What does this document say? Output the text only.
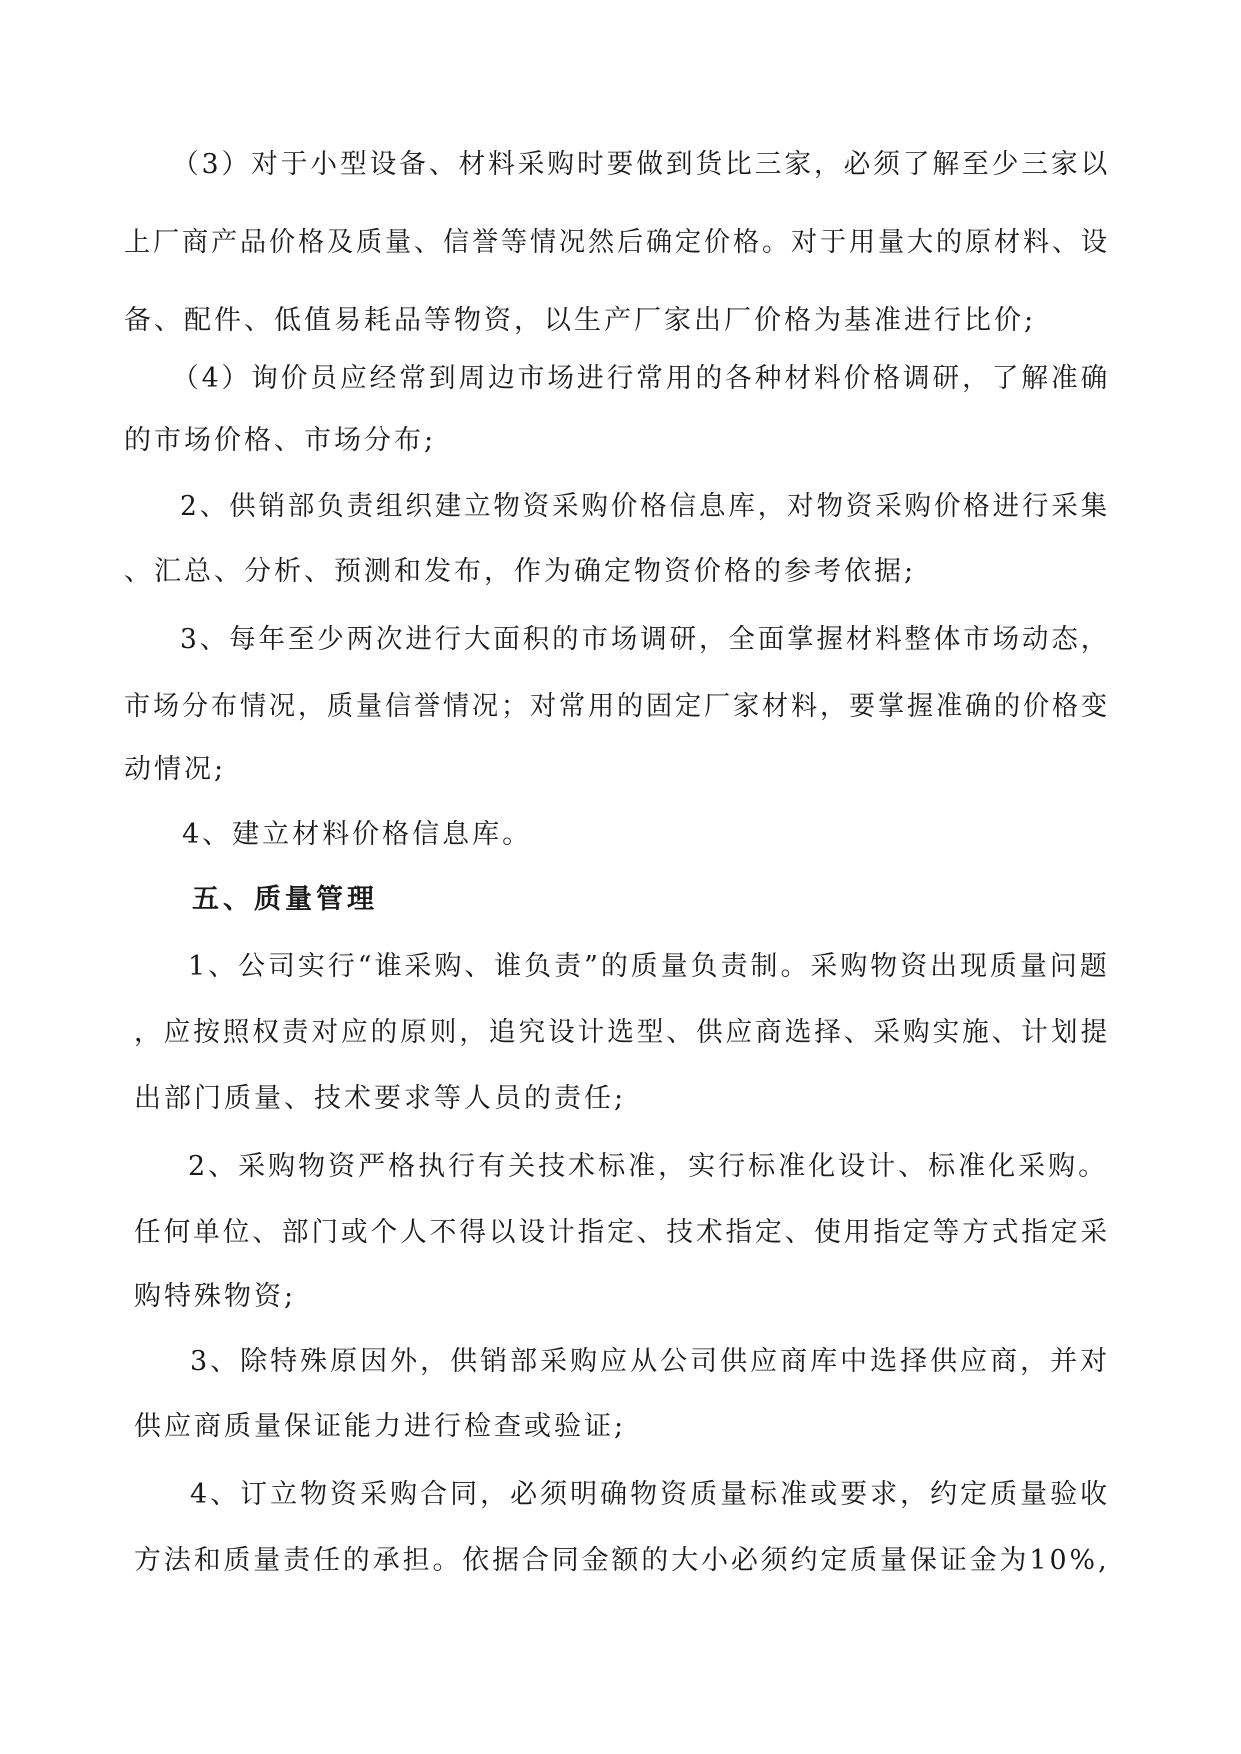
（3）对于小型设备、材料采购时要做到货比三家，必须了解至少三家以
上厂商产品价格及质量、信誉等情况然后确定价格。对于用量大的原材料、设
备、配件、低值易耗品等物资，以生产厂家出厂价格为基准进行比价;
（4）询价员应经常到周边市场进行常用的各种材料价格调研，了解准确
的市场价格、市场分布;
2、供销部负责组织建立物资采购价格信息库，对物资采购价格进行采集
、汇总、分析、预测和发布，作为确定物资价格的参考依据;
3、每年至少两次进行大面积的市场调研，全面掌握材料整体市场动态，
市场分布情况，质量信誉情况；对常用的固定厂家材料，要掌握准确的价格变
动情况;
4、建立材料价格信息库。
五、质量管理
1、公司实行“谁采购、谁负责”的质量负责制。采购物资出现质量问题
，应按照权责对应的原则，追究设计选型、供应商选择、采购实施、计划提
出部门质量、技术要求等人员的责任;
2、采购物资严格执行有关技术标准，实行标准化设计、标准化采购。
任何单位、部门或个人不得以设计指定、技术指定、使用指定等方式指定采
购特殊物资;
3、除特殊原因外，供销部采购应从公司供应商库中选择供应商，并对
供应商质量保证能力进行检查或验证;
4、订立物资采购合同，必须明确物资质量标准或要求，约定质量验收
方法和质量责任的承担。依据合同金额的大小必须约定质量保证金为10%,
